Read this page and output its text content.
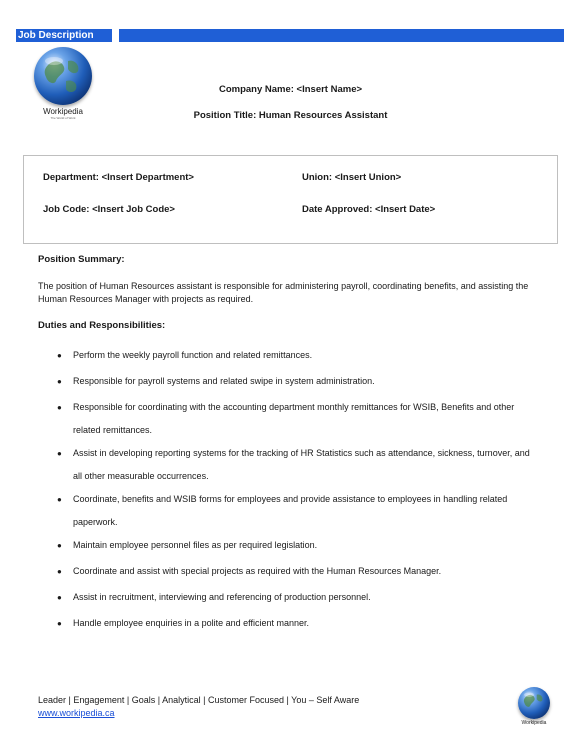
Job Description
Workipedia
The World of Work
Company Name: <Insert Name>
Position Title: Human Resources Assistant
Department: <Insert Department>	Union: <Insert Union>
Job Code: <Insert Job Code>	Date Approved: <Insert Date>
Position Summary:
The position of Human Resources assistant is responsible for administering payroll, coordinating benefits, and assisting the Human Resources Manager with projects as required.
Duties and Responsibilities:
● Perform the weekly payroll function and related remittances.
● Responsible for payroll systems and related swipe in system administration.
● Responsible for coordinating with the accounting department monthly remittances for WSIB, Benefits and other related remittances.
● Assist in developing reporting systems for the tracking of HR Statistics such as attendance, sickness, turnover, and all other measurable occurrences.
● Coordinate, benefits and WSIB forms for employees and provide assistance to employees in handling related paperwork.
● Maintain employee personnel files as per required legislation.
● Coordinate and assist with special projects as required with the Human Resources Manager.
● Assist in recruitment, interviewing and referencing of production personnel.
● Handle employee enquiries in a polite and efficient manner.
Leader | Engagement | Goals | Analytical | Customer Focused | You – Self Aware
www.workipedia.ca
Workipedia
